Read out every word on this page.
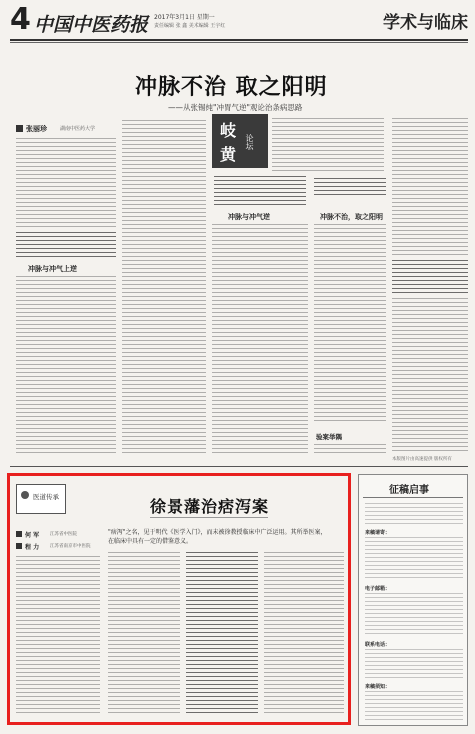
4 中国中医药报 2017年3月1日 星期一
责任编辑 张 鑫 美术编辑 王宇红	学术与临床
冲脉不治 取之阳明
——从张锡纯"冲胃气逆"观论治条病思路
张丽珍	湖南中医药大学
冲脉与冲气上逆
岐
黄
论坛
冲脉与冲气逆	冲脉不治，取之阳明
验案举隅
本版图片由高速提供 版权所有
医道传承	徐景藩治痞泻案
"痞泻"之名，见于明代《医学入门》，而未被徐教授临床中广泛运用。其所举医案，在临床中具有一定的借鉴意义。
何 军 江苏省中医院
程 力 江苏省南京市中医院
征稿启事
来稿请寄：
电子邮箱：
联系电话：
来稿须知：
